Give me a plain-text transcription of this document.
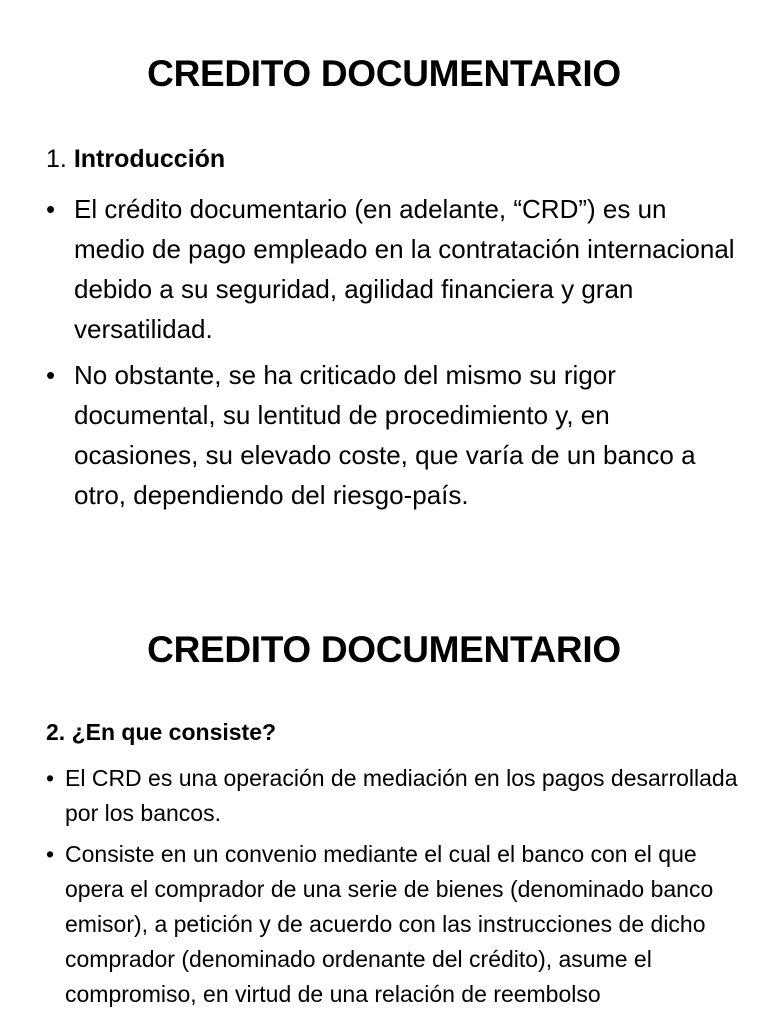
CREDITO DOCUMENTARIO
1. Introducción
• El crédito documentario (en adelante, “CRD”) es un medio de pago empleado en la contratación internacional debido a su seguridad, agilidad financiera y gran versatilidad.
• No obstante, se ha criticado del mismo su rigor documental, su lentitud de procedimiento y, en ocasiones, su elevado coste, que varía de un banco a otro, dependiendo del riesgo-país.
CREDITO DOCUMENTARIO
2. ¿En que consiste?
• El CRD es una operación de mediación en los pagos desarrollada por los bancos.
• Consiste en un convenio mediante el cual el banco con el que opera el comprador de una serie de bienes (denominado banco emisor), a petición y de acuerdo con las instrucciones de dicho comprador (denominado ordenante del crédito), asume el compromiso, en virtud de una relación de reembolso
